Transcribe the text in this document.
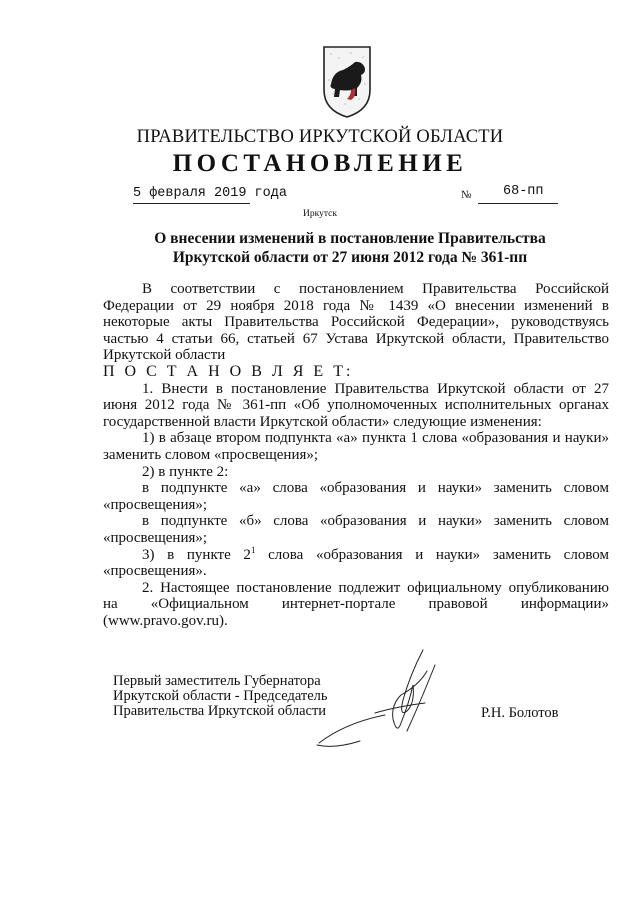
ПРАВИТЕЛЬСТВО ИРКУТСКОЙ ОБЛАСТИ
ПОСТАНОВЛЕНИЕ
5 февраля 2019 года	№ 68-пп
Иркутск
О внесении изменений в постановление Правительства Иркутской области от 27 июня 2012 года № 361-пп

В соответствии с постановлением Правительства Российской Федерации от 29 ноября 2018 года № 1439 «О внесении изменений в некоторые акты Правительства Российской Федерации», руководствуясь частью 4 статьи 66, статьей 67 Устава Иркутской области, Правительство Иркутской области

П О С Т А Н О В Л Я Е Т:

1. Внести в постановление Правительства Иркутской области от 27 июня 2012 года № 361-пп «Об уполномоченных исполнительных органах государственной власти Иркутской области» следующие изменения:

1) в абзаце втором подпункта «а» пункта 1 слова «образования и науки» заменить словом «просвещения»;

2) в пункте 2:

в подпункте «а» слова «образования и науки» заменить словом «просвещения»;

в подпункте «б» слова «образования и науки» заменить словом «просвещения»;

3) в пункте $2^1$ слова «образования и науки» заменить словом «просвещения».

2. Настоящее постановление подлежит официальному опубликованию на «Официальном интернет-портале правовой информации» (www.pravo.gov.ru).

Первый заместитель Губернатора
Иркутской области - Председатель
Правительства Иркутской области	Р.Н. Болотов
